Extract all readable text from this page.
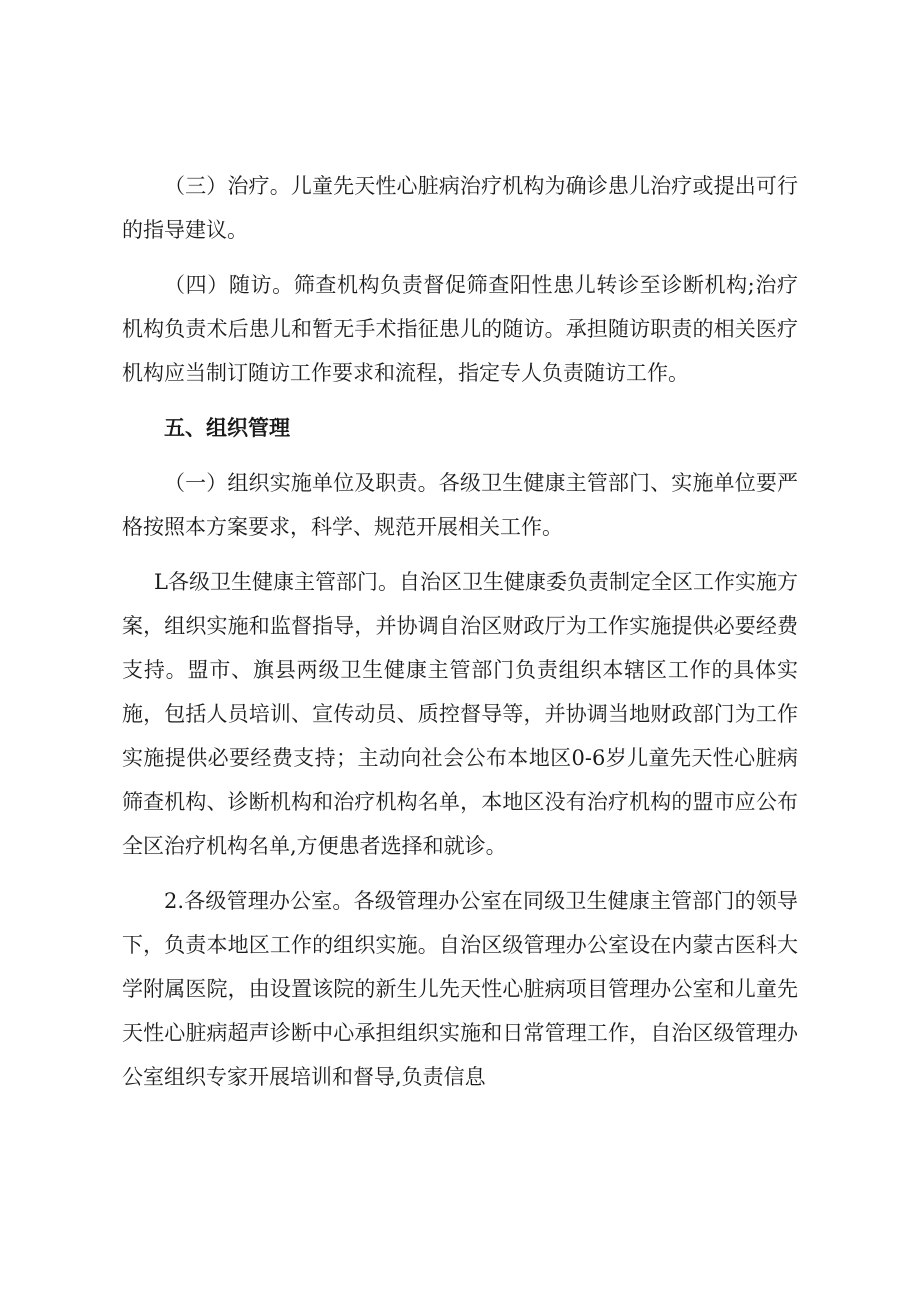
（三）治疗。儿童先天性心脏病治疗机构为确诊患儿治疗或提出可行的指导建议。

（四）随访。筛查机构负责督促筛查阳性患儿转诊至诊断机构;治疗机构负责术后患儿和暂无手术指征患儿的随访。承担随访职责的相关医疗机构应当制订随访工作要求和流程，指定专人负责随访工作。

五、组织管理

（一）组织实施单位及职责。各级卫生健康主管部门、实施单位要严格按照本方案要求，科学、规范开展相关工作。

L各级卫生健康主管部门。自治区卫生健康委负责制定全区工作实施方案，组织实施和监督指导，并协调自治区财政厅为工作实施提供必要经费支持。盟市、旗县两级卫生健康主管部门负责组织本辖区工作的具体实施，包括人员培训、宣传动员、质控督导等，并协调当地财政部门为工作实施提供必要经费支持；主动向社会公布本地区0-6岁儿童先天性心脏病筛查机构、诊断机构和治疗机构名单，本地区没有治疗机构的盟市应公布全区治疗机构名单,方便患者选择和就诊。

2.各级管理办公室。各级管理办公室在同级卫生健康主管部门的领导下，负责本地区工作的组织实施。自治区级管理办公室设在内蒙古医科大学附属医院，由设置该院的新生儿先天性心脏病项目管理办公室和儿童先天性心脏病超声诊断中心承担组织实施和日常管理工作，自治区级管理办公室组织专家开展培训和督导,负责信息
